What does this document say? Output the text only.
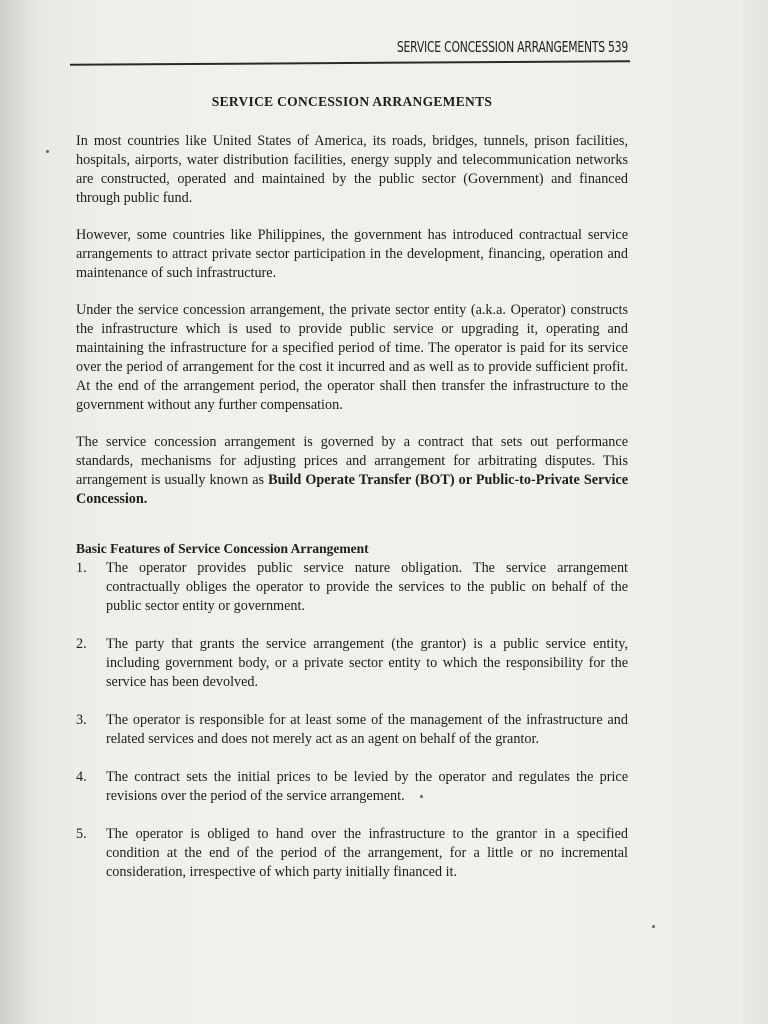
SERVICE CONCESSION ARRANGEMENTS 539
SERVICE CONCESSION ARRANGEMENTS

In most countries like United States of America, its roads, bridges, tunnels, prison facilities, hospitals, airports, water distribution facilities, energy supply and telecommunication networks are constructed, operated and maintained by the public sector (Government) and financed through public fund.

However, some countries like Philippines, the government has introduced contractual service arrangements to attract private sector participation in the development, financing, operation and maintenance of such infrastructure.

Under the service concession arrangement, the private sector entity (a.k.a. Operator) constructs the infrastructure which is used to provide public service or upgrading it, operating and maintaining the infrastructure for a specified period of time. The operator is paid for its service over the period of arrangement for the cost it incurred and as well as to provide sufficient profit. At the end of the arrangement period, the operator shall then transfer the infrastructure to the government without any further compensation.

The service concession arrangement is governed by a contract that sets out performance standards, mechanisms for adjusting prices and arrangement for arbitrating disputes. This arrangement is usually known as Build Operate Transfer (BOT) or Public-to-Private Service Concession.

Basic Features of Service Concession Arrangement
1.	The operator provides public service nature obligation. The service arrangement contractually obliges the operator to provide the services to the public on behalf of the public sector entity or government.
2.	The party that grants the service arrangement (the grantor) is a public service entity, including government body, or a private sector entity to which the responsibility for the service has been devolved.
3.	The operator is responsible for at least some of the management of the infrastructure and related services and does not merely act as an agent on behalf of the grantor.
4.	The contract sets the initial prices to be levied by the operator and regulates the price revisions over the period of the service arrangement.
5.	The operator is obliged to hand over the infrastructure to the grantor in a specified condition at the end of the period of the arrangement, for a little or no incremental consideration, irrespective of which party initially financed it.
